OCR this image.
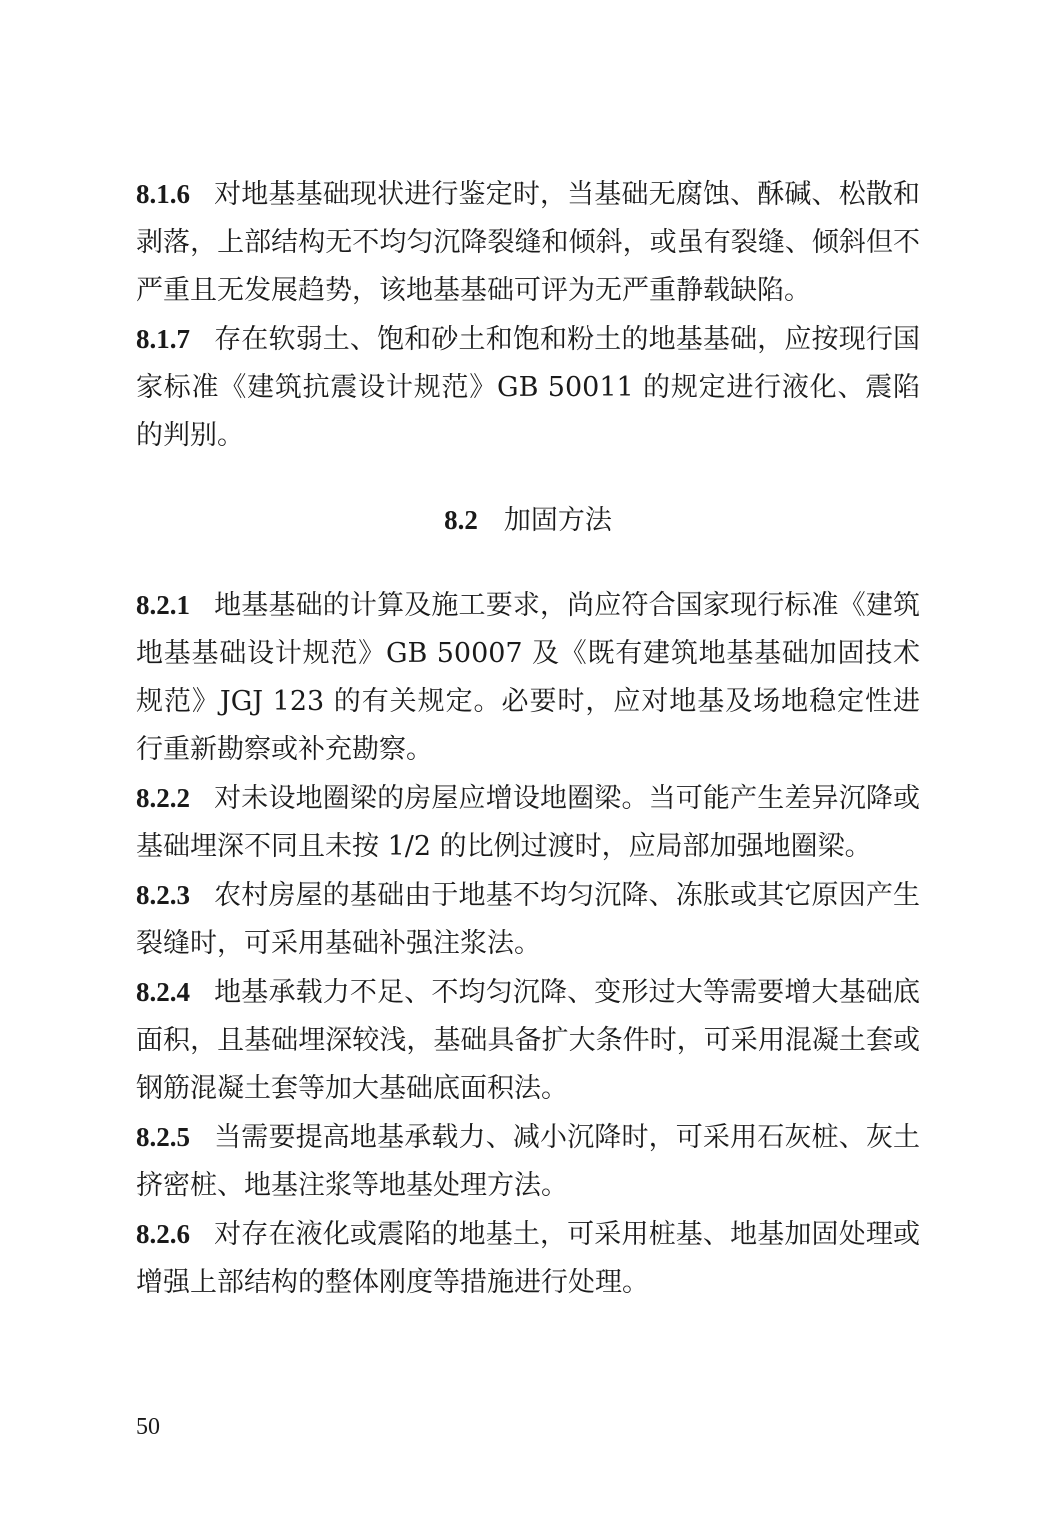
8.1.6 对地基基础现状进行鉴定时，当基础无腐蚀、酥碱、松散和剥落，上部结构无不均匀沉降裂缝和倾斜，或虽有裂缝、倾斜但不严重且无发展趋势，该地基基础可评为无严重静载缺陷。

8.1.7 存在软弱土、饱和砂土和饱和粉土的地基基础，应按现行国家标准《建筑抗震设计规范》GB 50011 的规定进行液化、震陷的判别。

8.2 加固方法

8.2.1 地基基础的计算及施工要求，尚应符合国家现行标准《建筑地基基础设计规范》GB 50007 及《既有建筑地基基础加固技术规范》JGJ 123 的有关规定。必要时，应对地基及场地稳定性进行重新勘察或补充勘察。

8.2.2 对未设地圈梁的房屋应增设地圈梁。当可能产生差异沉降或基础埋深不同且未按 1/2 的比例过渡时，应局部加强地圈梁。

8.2.3 农村房屋的基础由于地基不均匀沉降、冻胀或其它原因产生裂缝时，可采用基础补强注浆法。

8.2.4 地基承载力不足、不均匀沉降、变形过大等需要增大基础底面积，且基础埋深较浅，基础具备扩大条件时，可采用混凝土套或钢筋混凝土套等加大基础底面积法。

8.2.5 当需要提高地基承载力、减小沉降时，可采用石灰桩、灰土挤密桩、地基注浆等地基处理方法。

8.2.6 对存在液化或震陷的地基土，可采用桩基、地基加固处理或增强上部结构的整体刚度等措施进行处理。

50
